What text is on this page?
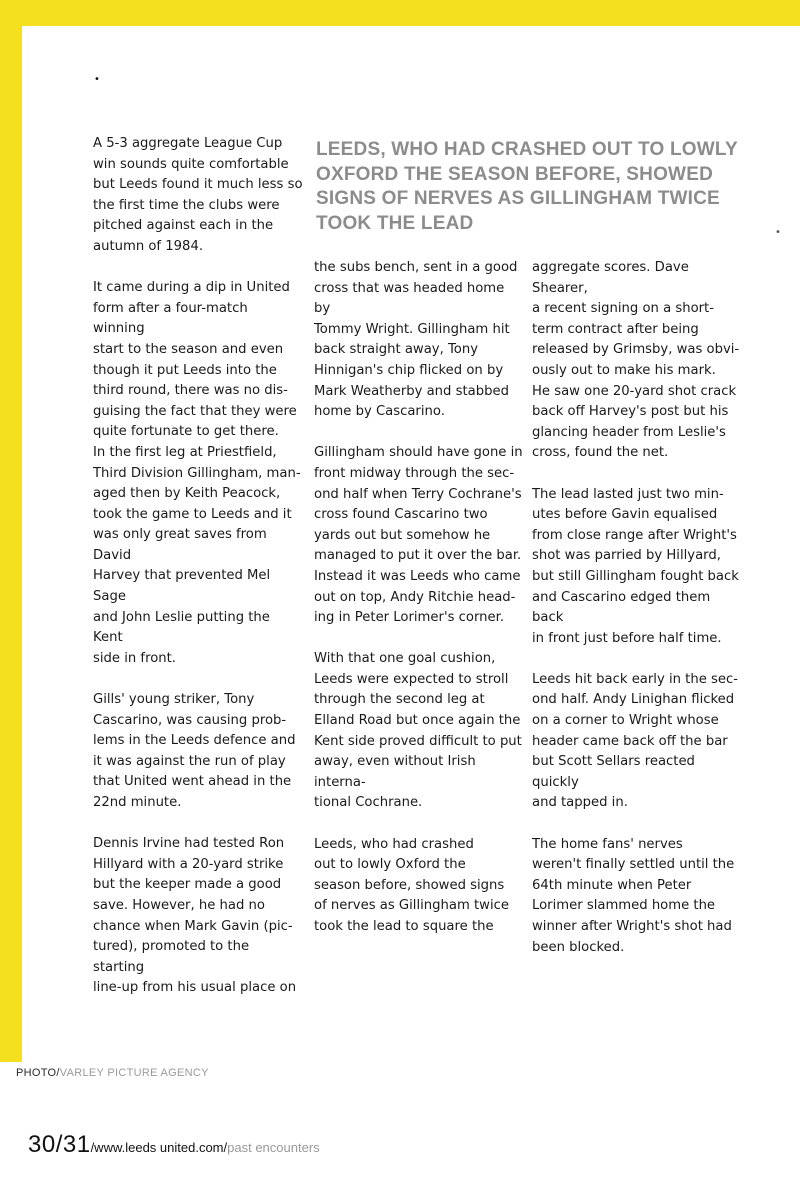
•
•
LEEDS, WHO HAD CRASHED OUT TO LOWLY OXFORD THE SEASON BEFORE, SHOWED SIGNS OF NERVES AS GILLINGHAM TWICE TOOK THE LEAD

A 5-3 aggregate League Cup
win sounds quite comfortable
but Leeds found it much less so
the first time the clubs were
pitched against each in the
autumn of 1984.

It came during a dip in United
form after a four-match winning
start to the season and even
though it put Leeds into the
third round, there was no dis-
guising the fact that they were
quite fortunate to get there.
In the first leg at Priestfield,
Third Division Gillingham, man-
aged then by Keith Peacock,
took the game to Leeds and it
was only great saves from David
Harvey that prevented Mel Sage
and John Leslie putting the Kent
side in front.

Gills' young striker, Tony
Cascarino, was causing prob-
lems in the Leeds defence and
it was against the run of play
that United went ahead in the
22nd minute.

Dennis Irvine had tested Ron
Hillyard with a 20-yard strike
but the keeper made a good
save. However, he had no
chance when Mark Gavin (pic-
tured), promoted to the starting
line-up from his usual place on

the subs bench, sent in a good
cross that was headed home by
Tommy Wright. Gillingham hit
back straight away, Tony
Hinnigan's chip flicked on by
Mark Weatherby and stabbed
home by Cascarino.

Gillingham should have gone in
front midway through the sec-
ond half when Terry Cochrane's
cross found Cascarino two
yards out but somehow he
managed to put it over the bar.
Instead it was Leeds who came
out on top, Andy Ritchie head-
ing in Peter Lorimer's corner.

With that one goal cushion,
Leeds were expected to stroll
through the second leg at
Elland Road but once again the
Kent side proved difficult to put
away, even without Irish interna-
tional Cochrane.

Leeds, who had crashed
out to lowly Oxford the
season before, showed signs
of nerves as Gillingham twice
took the lead to square the

aggregate scores. Dave Shearer,
a recent signing on a short-
term contract after being
released by Grimsby, was obvi-
ously out to make his mark.
He saw one 20-yard shot crack
back off Harvey's post but his
glancing header from Leslie's
cross, found the net.

The lead lasted just two min-
utes before Gavin equalised
from close range after Wright's
shot was parried by Hillyard,
but still Gillingham fought back
and Cascarino edged them back
in front just before half time.

Leeds hit back early in the sec-
ond half. Andy Linighan flicked
on a corner to Wright whose
header came back off the bar
but Scott Sellars reacted quickly
and tapped in.

The home fans' nerves
weren't finally settled until the
64th minute when Peter
Lorimer slammed home the
winner after Wright's shot had
been blocked.

PHOTO/VARLEY PICTURE AGENCY
30/31/www.leeds united.com/past encounters
